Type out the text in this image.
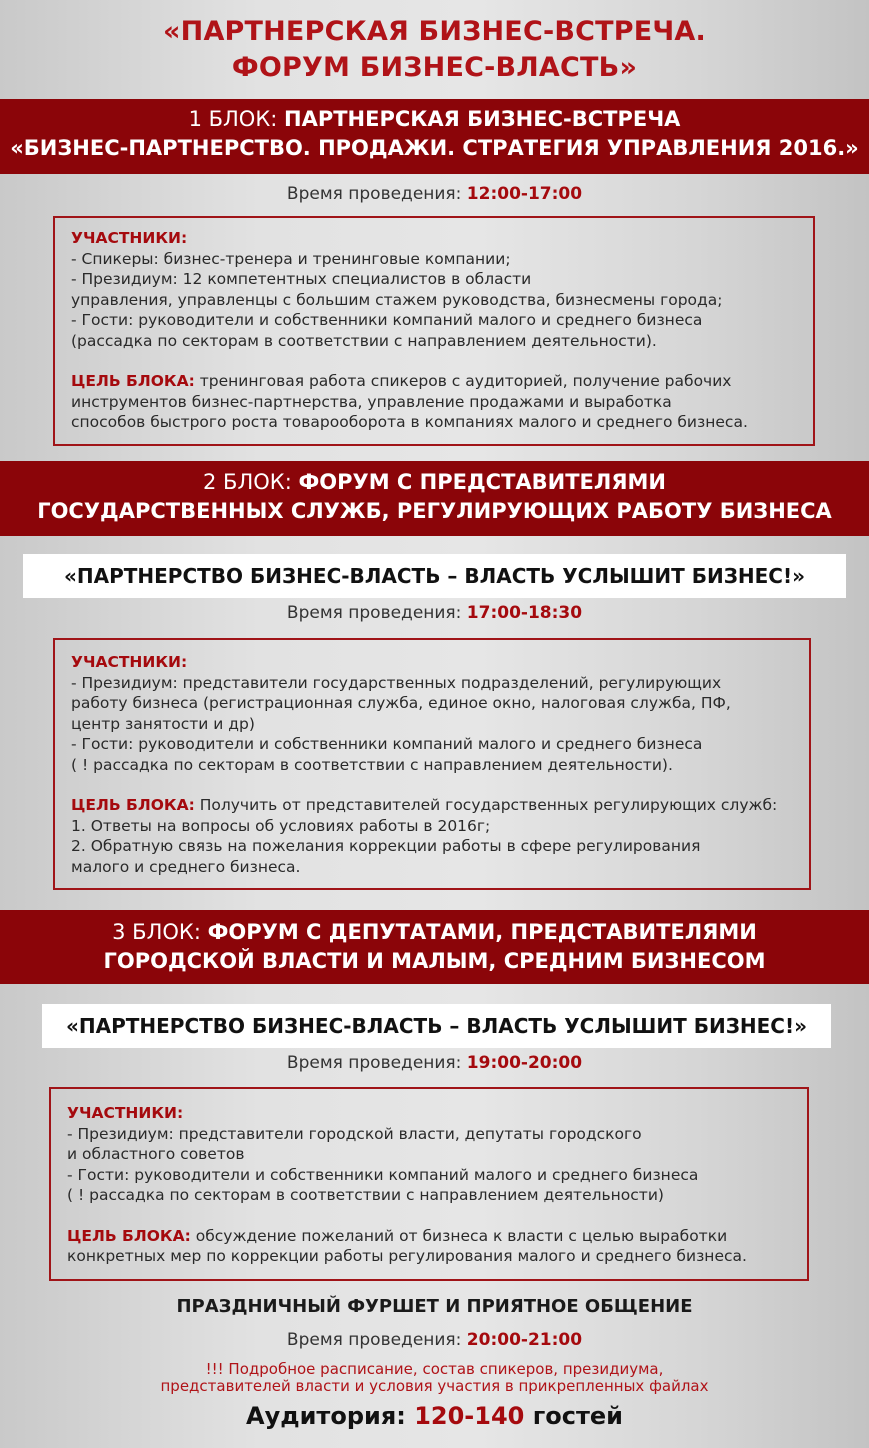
«ПАРТНЕРСКАЯ БИЗНЕС-ВСТРЕЧА.
ФОРУМ БИЗНЕС-ВЛАСТЬ»
1 БЛОК: ПАРТНЕРСКАЯ БИЗНЕС-ВСТРЕЧА
«БИЗНЕС-ПАРТНЕРСТВО. ПРОДАЖИ. СТРАТЕГИЯ УПРАВЛЕНИЯ 2016.»
Время проведения: 12:00-17:00

УЧАСТНИКИ:

- Спикеры: бизнес-тренера и тренинговые компании;
- Президиум: 12 компетентных специалистов в области
управления, управленцы с большим стажем руководства, бизнесмены города;
- Гости: руководители и собственники компаний малого и среднего бизнеса
(рассадка по секторам в соответствии с направлением деятельности).

ЦЕЛЬ БЛОКА: тренинговая работа спикеров с аудиторией, получение рабочих

инструментов бизнес-партнерства, управление продажами и выработка
способов быстрого роста товарооборота в компаниях малого и среднего бизнеса.

2 БЛОК: ФОРУМ С ПРЕДСТАВИТЕЛЯМИ
ГОСУДАРСТВЕННЫХ СЛУЖБ, РЕГУЛИРУЮЩИХ РАБОТУ БИЗНЕСА
«ПАРТНЕРСТВО БИЗНЕС-ВЛАСТЬ – ВЛАСТЬ УСЛЫШИТ БИЗНЕС!»
Время проведения: 17:00-18:30

УЧАСТНИКИ:

- Президиум: представители государственных подразделений, регулирующих
работу бизнеса (регистрационная служба, единое окно, налоговая служба, ПФ,
центр занятости и др)
- Гости: руководители и собственники компаний малого и среднего бизнеса
( ! рассадка по секторам в соответствии с направлением деятельности).

ЦЕЛЬ БЛОКА: Получить от представителей государственных регулирующих служб:

1. Ответы на вопросы об условиях работы в 2016г;
2. Обратную связь на пожелания коррекции работы в сфере регулирования
малого и среднего бизнеса.

3 БЛОК: ФОРУМ С ДЕПУТАТАМИ, ПРЕДСТАВИТЕЛЯМИ
ГОРОДСКОЙ ВЛАСТИ И МАЛЫМ, СРЕДНИМ БИЗНЕСОМ
«ПАРТНЕРСТВО БИЗНЕС-ВЛАСТЬ – ВЛАСТЬ УСЛЫШИТ БИЗНЕС!»
Время проведения: 19:00-20:00

УЧАСТНИКИ:

- Президиум: представители городской власти, депутаты городского
и областного советов
- Гости: руководители и собственники компаний малого и среднего бизнеса
( ! рассадка по секторам в соответствии с направлением деятельности)

ЦЕЛЬ БЛОКА: обсуждение пожеланий от бизнеса к власти с целью выработки

конкретных мер по коррекции работы регулирования малого и среднего бизнеса.

ПРАЗДНИЧНЫЙ ФУРШЕТ И ПРИЯТНОЕ ОБЩЕНИЕ
Время проведения: 20:00-21:00
!!! Подробное расписание, состав спикеров, президиума,
представителей власти и условия участия в прикрепленных файлах
Аудитория: 120-140 гостей
